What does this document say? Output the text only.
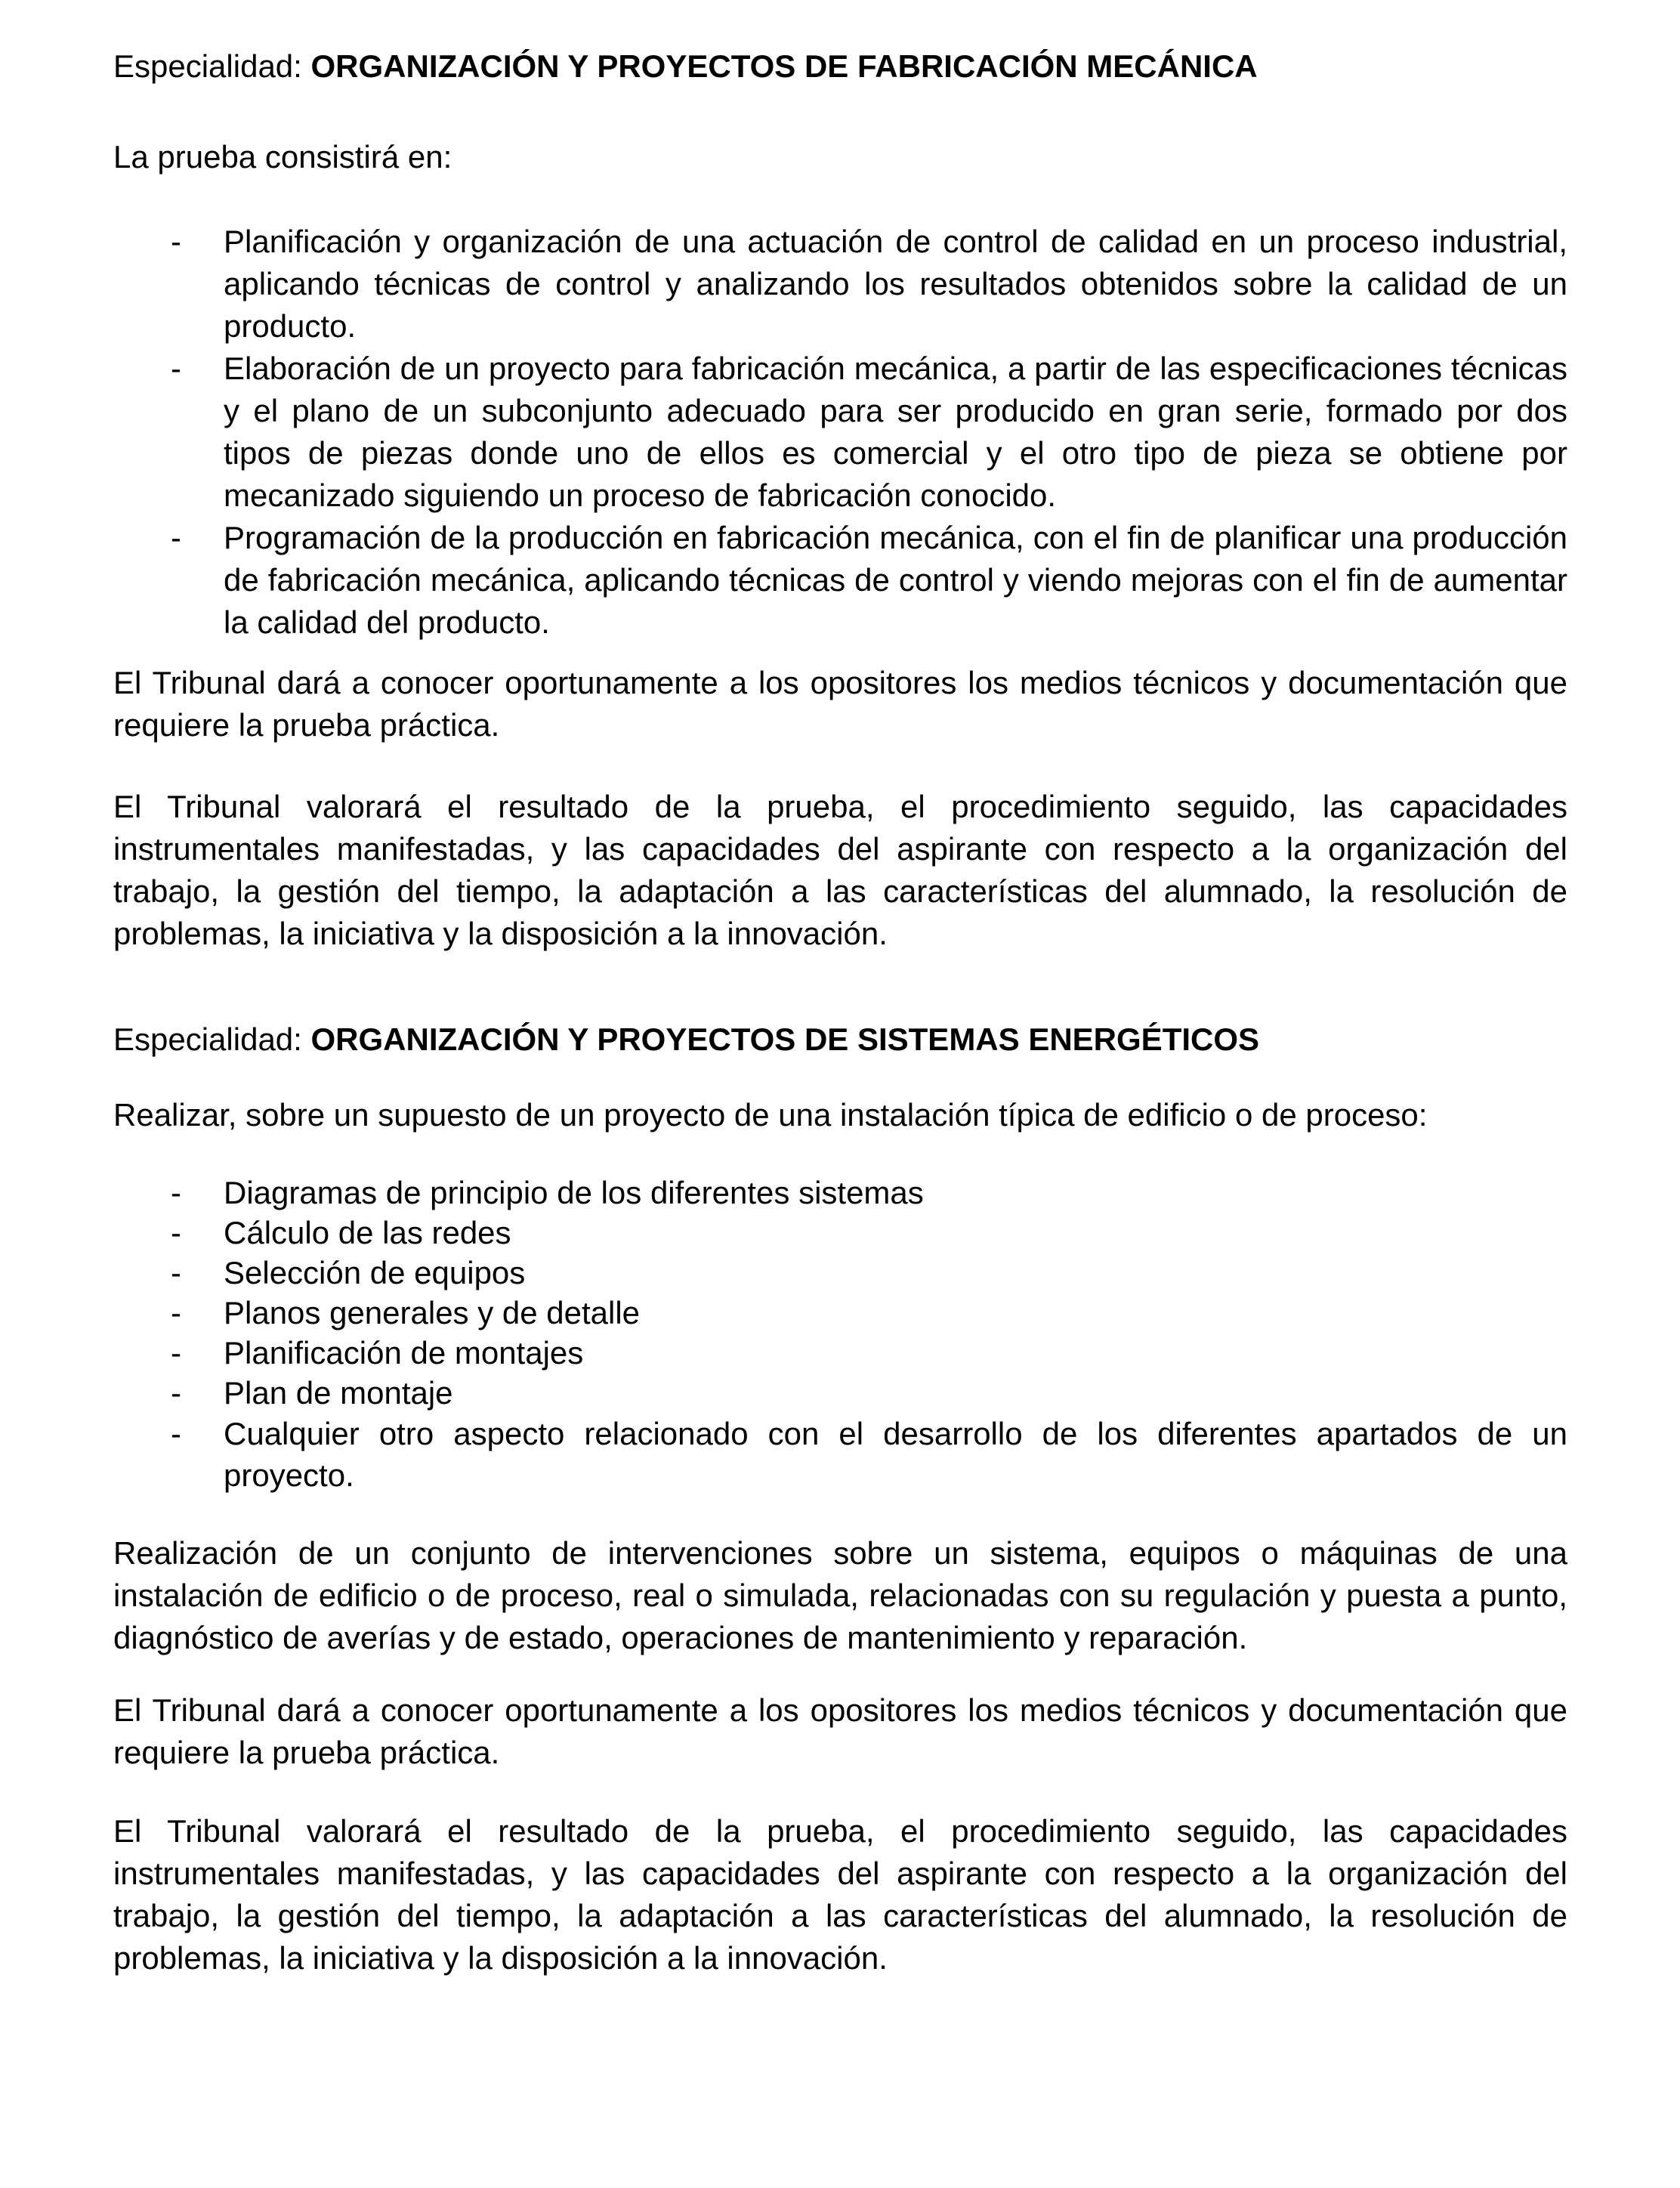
Especialidad: ORGANIZACIÓN Y PROYECTOS DE FABRICACIÓN MECÁNICA
La prueba consistirá en:
-	Planificación y organización de una actuación de control de calidad en un proceso industrial, aplicando técnicas de control y analizando los resultados obtenidos sobre la calidad de un producto.
-	Elaboración de un proyecto para fabricación mecánica, a partir de las especificaciones técnicas y el plano de un subconjunto adecuado para ser producido en gran serie, formado por dos tipos de piezas donde uno de ellos es comercial y el otro tipo de pieza se obtiene por mecanizado siguiendo un proceso de fabricación conocido.
-	Programación de la producción en fabricación mecánica, con el fin de planificar una producción de fabricación mecánica, aplicando técnicas de control y viendo mejoras con el fin de aumentar la calidad del producto.
El Tribunal dará a conocer oportunamente a los opositores los medios técnicos y documentación que requiere la prueba práctica.
El Tribunal valorará el resultado de la prueba, el procedimiento seguido, las capacidades instrumentales manifestadas, y las capacidades del aspirante con respecto a la organización del trabajo, la gestión del tiempo, la adaptación a las características del alumnado, la resolución de problemas, la iniciativa y la disposición a la innovación.
Especialidad: ORGANIZACIÓN Y PROYECTOS DE SISTEMAS ENERGÉTICOS
Realizar, sobre un supuesto de un proyecto de una instalación típica de edificio o de proceso:
-	Diagramas de principio de los diferentes sistemas
-	Cálculo de las redes
-	Selección de equipos
-	Planos generales y de detalle
-	Planificación de montajes
-	Plan de montaje
-	Cualquier otro aspecto relacionado con el desarrollo de los diferentes apartados de un proyecto.
Realización de un conjunto de intervenciones sobre un sistema, equipos o máquinas de una instalación de edificio o de proceso, real o simulada, relacionadas con su regulación y puesta a punto, diagnóstico de averías y de estado, operaciones de mantenimiento y reparación.
El Tribunal dará a conocer oportunamente a los opositores los medios técnicos y documentación que requiere la prueba práctica.
El Tribunal valorará el resultado de la prueba, el procedimiento seguido, las capacidades instrumentales manifestadas, y las capacidades del aspirante con respecto a la organización del trabajo, la gestión del tiempo, la adaptación a las características del alumnado, la resolución de problemas, la iniciativa y la disposición a la innovación.
